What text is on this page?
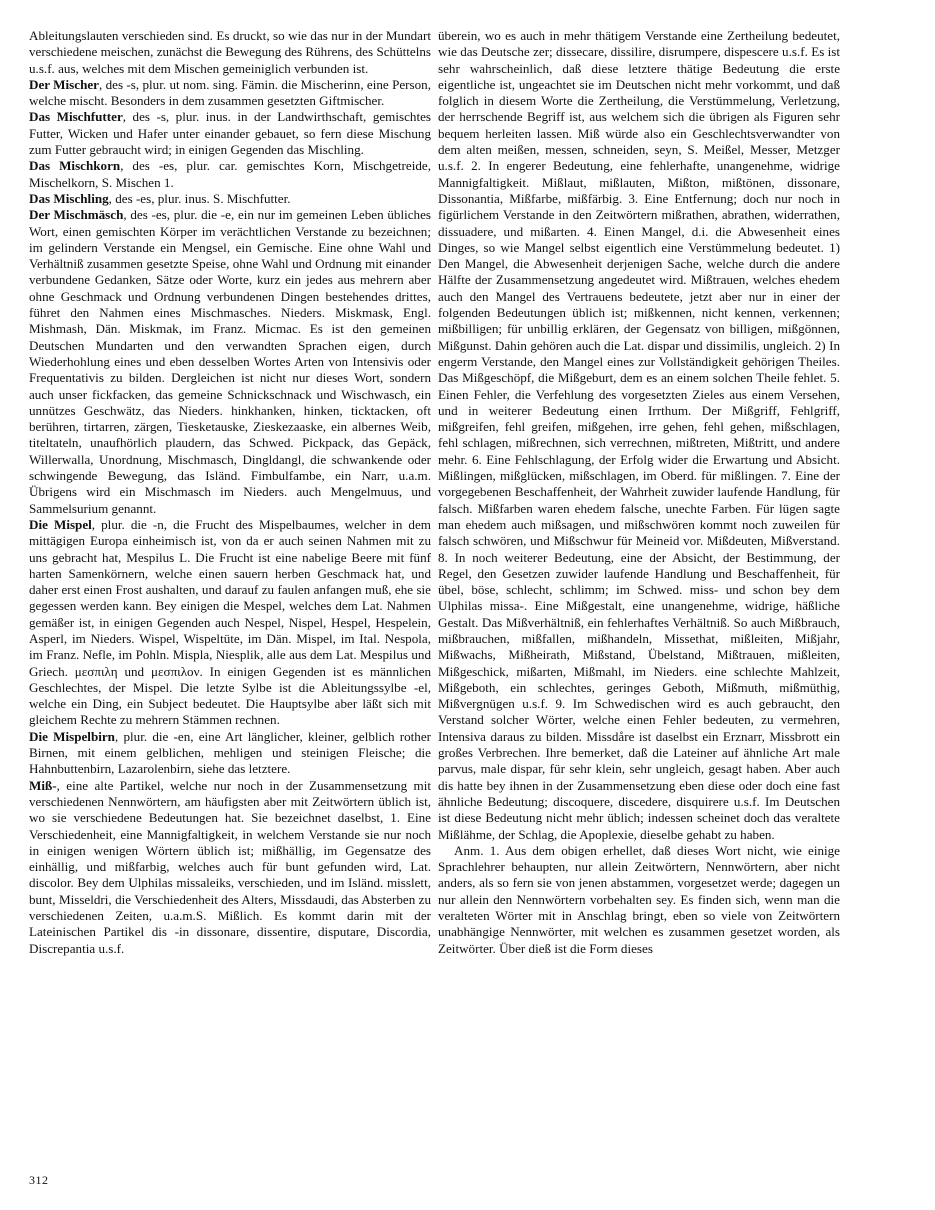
Ableitungslauten verschieden sind. Es druckt, so wie das nur in der Mundart verschiedene meischen, zunächst die Bewegung des Rührens, des Schüttelns u.s.f. aus, welches mit dem Mischen gemeiniglich verbunden ist.

Der Mischer, des -s, plur. ut nom. sing. Fämin. die Mischerinn, eine Person, welche mischt. Besonders in dem zusammen gesetzten Giftmischer.

Das Mischfutter, des -s, plur. inus. in der Landwirthschaft, gemischtes Futter, Wicken und Hafer unter einander gebauet, so fern diese Mischung zum Futter gebraucht wird; in einigen Gegenden das Mischling.

Das Mischkorn, des -es, plur. car. gemischtes Korn, Mischgetreide, Mischelkorn, S. Mischen 1.

Das Mischling, des -es, plur. inus. S. Mischfutter.

Der Mischmäsch, des -es, plur. die -e, ein nur im gemeinen Leben übliches Wort, einen gemischten Körper im verächtlichen Verstande zu bezeichnen; im gelindern Verstande ein Mengsel, ein Gemische. Eine ohne Wahl und Verhältniß zusammen gesetzte Speise, ohne Wahl und Ordnung mit einander verbundene Gedanken, Sätze oder Worte, kurz ein jedes aus mehrern aber ohne Geschmack und Ordnung verbundenen Dingen bestehendes drittes, führet den Nahmen eines Mischmasches. Nieders. Miskmask, Engl. Mishmash, Dän. Miskmak, im Franz. Micmac. Es ist den gemeinen Deutschen Mundarten und den verwandten Sprachen eigen, durch Wiederhohlung eines und eben desselben Wortes Arten von Intensivis oder Frequentativis zu bilden. Dergleichen ist nicht nur dieses Wort, sondern auch unser fickfacken, das gemeine Schnickschnack und Wischwasch, ein unnützes Geschwätz, das Nieders. hinkhanken, hinken, ticktacken, oft berühren, tirtarren, zärgen, Tiesketauske, Zieskezaaske, ein albernes Weib, titeltateln, unaufhörlich plaudern, das Schwed. Pickpack, das Gepäck, Willerwalla, Unordnung, Mischmasch, Dingldangl, die schwankende oder schwingende Bewegung, das Isländ. Fimbulfambe, ein Narr, u.a.m. Übrigens wird ein Mischmasch im Nieders. auch Mengelmuus, und Sammelsurium genannt.

Die Mispel, plur. die -n, die Frucht des Mispelbaumes, welcher in dem mittägigen Europa einheimisch ist, von da er auch seinen Nahmen mit zu uns gebracht hat, Mespilus L. Die Frucht ist eine nabelige Beere mit fünf harten Samenkörnern, welche einen sauern herben Geschmack hat, und daher erst einen Frost aushalten, und darauf zu faulen anfangen muß, ehe sie gegessen werden kann. Bey einigen die Mespel, welches dem Lat. Nahmen gemäßer ist, in einigen Gegenden auch Nespel, Nispel, Hespel, Hespelein, Asperl, im Nieders. Wispel, Wispeltüte, im Dän. Mispel, im Ital. Nespola, im Franz. Nefle, im Pohln. Mispla, Niesplik, alle aus dem Lat. Mespilus und Griech. μεσπιλη und μεσπιλον. In einigen Gegenden ist es männlichen Geschlechtes, der Mispel. Die letzte Sylbe ist die Ableitungssylbe -el, welche ein Ding, ein Subject bedeutet. Die Hauptsylbe aber läßt sich mit gleichem Rechte zu mehrern Stämmen rechnen.

Die Mispelbirn, plur. die -en, eine Art länglicher, kleiner, gelblich rother Birnen, mit einem gelblichen, mehligen und steinigen Fleische; die Hahnbuttenbirn, Lazarolenbirn, siehe das letztere.

Miß-, eine alte Partikel, welche nur noch in der Zusammensetzung mit verschiedenen Nennwörtern, am häufigsten aber mit Zeitwörtern üblich ist, wo sie verschiedene Bedeutungen hat. Sie bezeichnet daselbst, 1. Eine Verschiedenheit, eine Mannigfaltigkeit, in welchem Verstande sie nur noch in einigen wenigen Wörtern üblich ist; mißhällig, im Gegensatze des einhällig, und mißfarbig, welches auch für bunt gefunden wird, Lat. discolor. Bey dem Ulphilas missaleiks, verschieden, und im Isländ. misslett, bunt, Misseldri, die Verschiedenheit des Alters, Missdaudi, das Absterben zu verschiedenen Zeiten, u.a.m.S. Mißlich. Es kommt darin mit der Lateinischen Partikel dis -in dissonare, dissentire, disputare, Discordia, Discrepantia u.s.f.

überein, wo es auch in mehr thätigem Verstande eine Zertheilung bedeutet, wie das Deutsche zer; dissecare, dissilire, disrumpere, dispescere u.s.f. Es ist sehr wahrscheinlich, daß diese letztere thätige Bedeutung die erste eigentliche ist, ungeachtet sie im Deutschen nicht mehr vorkommt, und daß folglich in diesem Worte die Zertheilung, die Verstümmelung, Verletzung, der herrschende Begriff ist, aus welchem sich die übrigen als Figuren sehr bequem herleiten lassen. Miß würde also ein Geschlechtsverwandter von dem alten meißen, messen, schneiden, seyn, S. Meißel, Messer, Metzger u.s.f. 2. In engerer Bedeutung, eine fehlerhafte, unangenehme, widrige Mannigfaltigkeit. Mißlaut, mißlauten, Mißton, mißtönen, dissonare, Dissonantia, Mißfarbe, mißfärbig. 3. Eine Entfernung; doch nur noch in figürlichem Verstande in den Zeitwörtern mißrathen, abrathen, widerrathen, dissuadere, und mißarten. 4. Einen Mangel, d.i. die Abwesenheit eines Dinges, so wie Mangel selbst eigentlich eine Verstümmelung bedeutet. 1) Den Mangel, die Abwesenheit derjenigen Sache, welche durch die andere Hälfte der Zusammensetzung angedeutet wird. Mißtrauen, welches ehedem auch den Mangel des Vertrauens bedeutete, jetzt aber nur in einer der folgenden Bedeutungen üblich ist; mißkennen, nicht kennen, verkennen; mißbilligen; für unbillig erklären, der Gegensatz von billigen, mißgönnen, Mißgunst. Dahin gehören auch die Lat. dispar und dissimilis, ungleich. 2) In engerm Verstande, den Mangel eines zur Vollständigkeit gehörigen Theiles. Das Mißgeschöpf, die Mißgeburt, dem es an einem solchen Theile fehlet. 5. Einen Fehler, die Verfehlung des vorgesetzten Zieles aus einem Versehen, und in weiterer Bedeutung einen Irrthum. Der Mißgriff, Fehlgriff, mißgreifen, fehl greifen, mißgehen, irre gehen, fehl gehen, mißschlagen, fehl schlagen, mißrechnen, sich verrechnen, mißtreten, Mißtritt, und andere mehr. 6. Eine Fehlschlagung, der Erfolg wider die Erwartung und Absicht. Mißlingen, mißglücken, mißschlagen, im Oberd. für mißlingen. 7. Eine der vorgegebenen Beschaffenheit, der Wahrheit zuwider laufende Handlung, für falsch. Mißfarben waren ehedem falsche, unechte Farben. Für lügen sagte man ehedem auch mißsagen, und mißschwören kommt noch zuweilen für falsch schwören, und Mißschwur für Meineid vor. Mißdeuten, Mißverstand. 8. In noch weiterer Bedeutung, eine der Absicht, der Bestimmung, der Regel, den Gesetzen zuwider laufende Handlung und Beschaffenheit, für übel, böse, schlecht, schlimm; im Schwed. miss- und schon bey dem Ulphilas missa-. Eine Mißgestalt, eine unangenehme, widrige, häßliche Gestalt. Das Mißverhältniß, ein fehlerhaftes Verhältniß. So auch Mißbrauch, mißbrauchen, mißfallen, mißhandeln, Missethat, mißleiten, Mißjahr, Mißwachs, Mißheirath, Mißstand, Übelstand, Mißtrauen, mißleiten, Mißgeschick, mißarten, Mißmahl, im Nieders. eine schlechte Mahlzeit, Mißgeboth, ein schlechtes, geringes Geboth, Mißmuth, mißmüthig, Mißvergnügen u.s.f. 9. Im Schwedischen wird es auch gebraucht, den Verstand solcher Wörter, welche einen Fehler bedeuten, zu vermehren, Intensiva daraus zu bilden. Missdåre ist daselbst ein Erznarr, Missbrott ein großes Verbrechen. Ihre bemerket, daß die Lateiner auf ähnliche Art male parvus, male dispar, für sehr klein, sehr ungleich, gesagt haben. Aber auch dis hatte bey ihnen in der Zusammensetzung eben diese oder doch eine fast ähnliche Bedeutung; discoquere, discedere, disquirere u.s.f. Im Deutschen ist diese Bedeutung nicht mehr üblich; indessen scheinet doch das veraltete Mißlähme, der Schlag, die Apoplexie, dieselbe gehabt zu haben.

Anm. 1. Aus dem obigen erhellet, daß dieses Wort nicht, wie einige Sprachlehrer behaupten, nur allein Zeitwörtern, Nennwörtern, aber nicht anders, als so fern sie von jenen abstammen, vorgesetzet werde; dagegen un nur allein den Nennwörtern vorbehalten sey. Es finden sich, wenn man die veralteten Wörter mit in Anschlag bringt, eben so viele von Zeitwörtern unabhängige Nennwörter, mit welchen es zusammen gesetzet worden, als Zeitwörter. Über dieß ist die Form dieses

312
